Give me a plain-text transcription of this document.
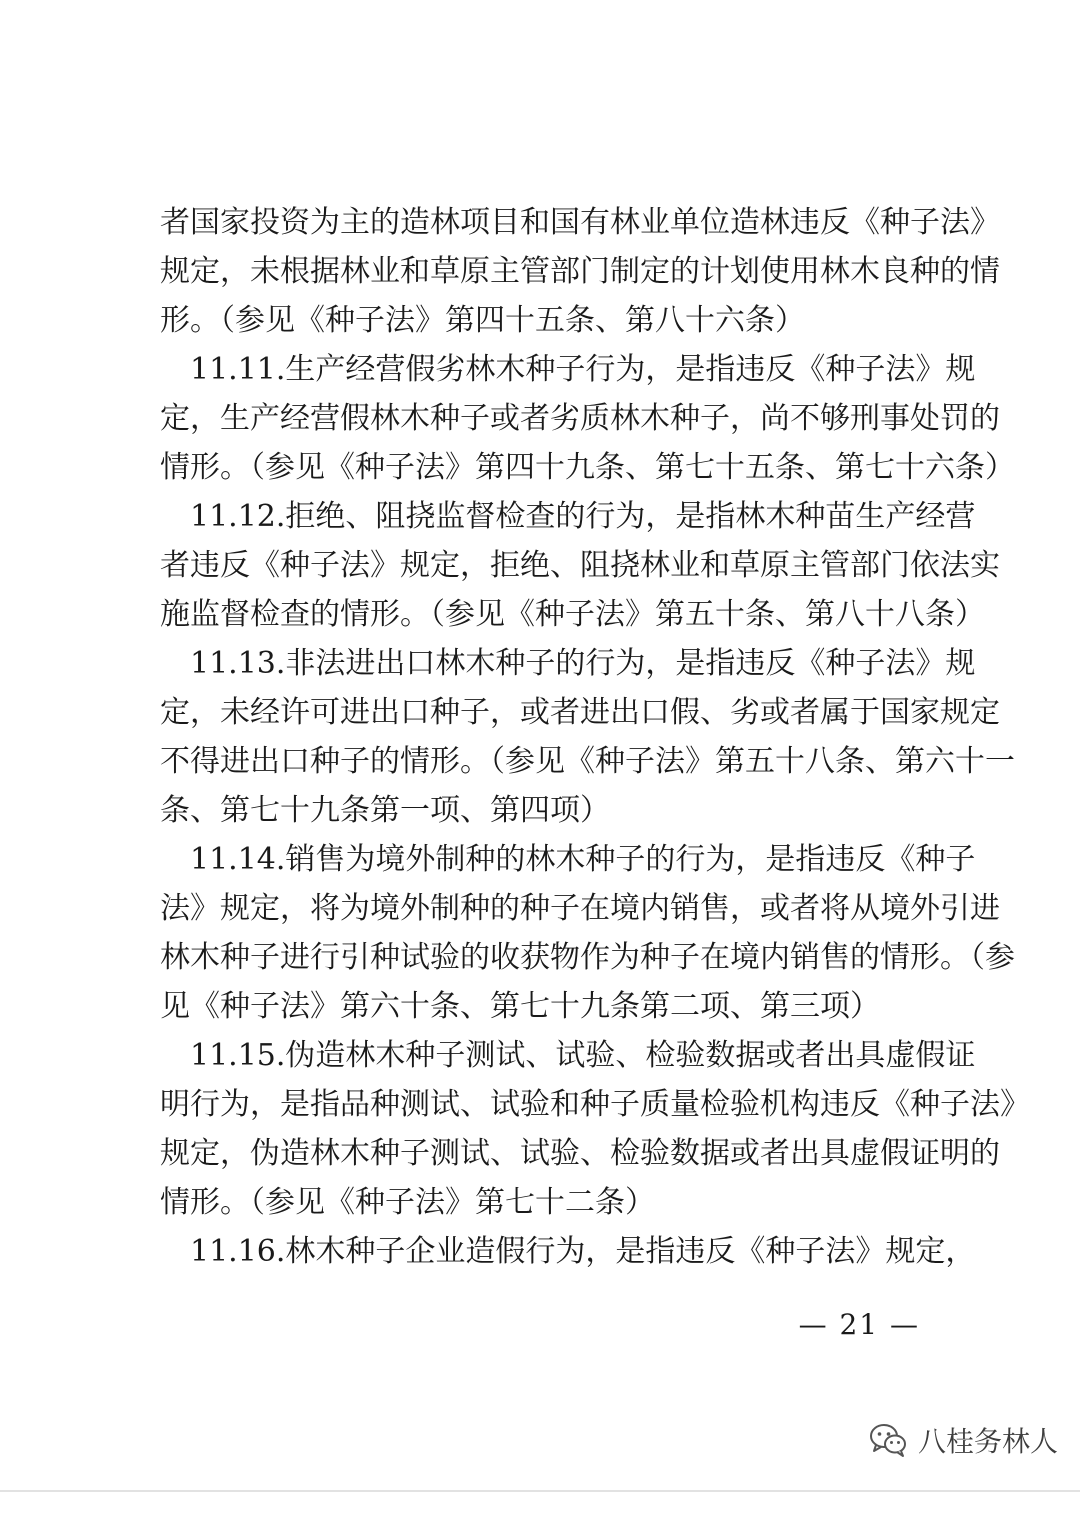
者国家投资为主的造林项目和国有林业单位造林违反《种子法》
规定，未根据林业和草原主管部门制定的计划使用林木良种的情
形。（参见《种子法》第四十五条、第八十六条）
　11.11.生产经营假劣林木种子行为，是指违反《种子法》规
定，生产经营假林木种子或者劣质林木种子，尚不够刑事处罚的
情形。（参见《种子法》第四十九条、第七十五条、第七十六条）
　11.12.拒绝、阻挠监督检查的行为，是指林木种苗生产经营
者违反《种子法》规定，拒绝、阻挠林业和草原主管部门依法实
施监督检查的情形。（参见《种子法》第五十条、第八十八条）
　11.13.非法进出口林木种子的行为，是指违反《种子法》规
定，未经许可进出口种子，或者进出口假、劣或者属于国家规定
不得进出口种子的情形。（参见《种子法》第五十八条、第六十一
条、第七十九条第一项、第四项）
　11.14.销售为境外制种的林木种子的行为，是指违反《种子
法》规定，将为境外制种的种子在境内销售，或者将从境外引进
林木种子进行引种试验的收获物作为种子在境内销售的情形。（参
见《种子法》第六十条、第七十九条第二项、第三项）
　11.15.伪造林木种子测试、试验、检验数据或者出具虚假证
明行为，是指品种测试、试验和种子质量检验机构违反《种子法》
规定，伪造林木种子测试、试验、检验数据或者出具虚假证明的
情形。（参见《种子法》第七十二条）
　11.16.林木种子企业造假行为，是指违反《种子法》规定，
— 21 —
八桂务林人
